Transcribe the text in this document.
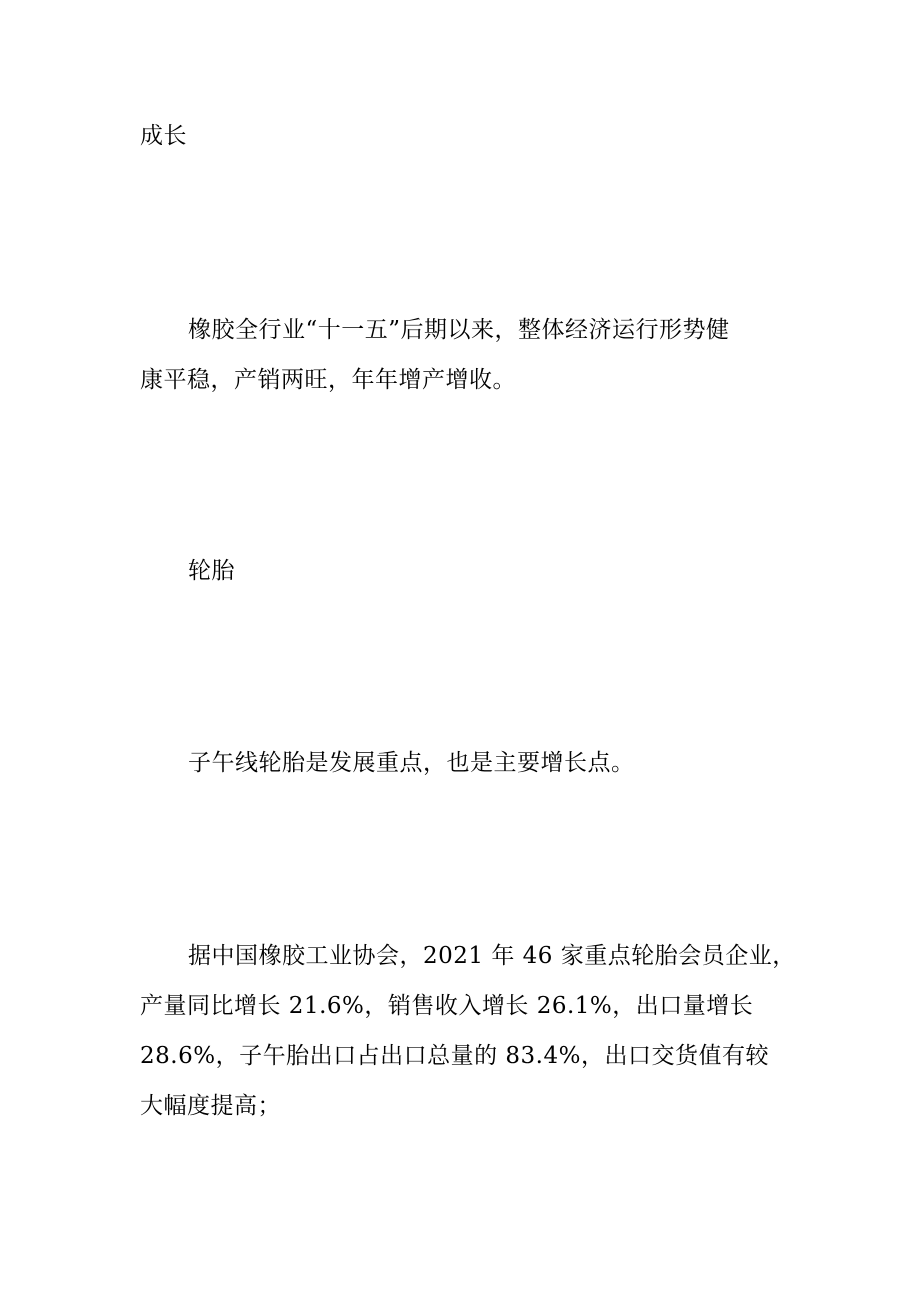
成长
橡胶全行业“十一五”后期以来，整体经济运行形势健
康平稳，产销两旺，年年增产增收。
轮胎
子午线轮胎是发展重点，也是主要增长点。
据中国橡胶工业协会，2021 年 46 家重点轮胎会员企业，
产量同比增长 21.6%，销售收入增长 26.1%，出口量增长
28.6%，子午胎出口占出口总量的 83.4%，出口交货值有较
大幅度提高；
